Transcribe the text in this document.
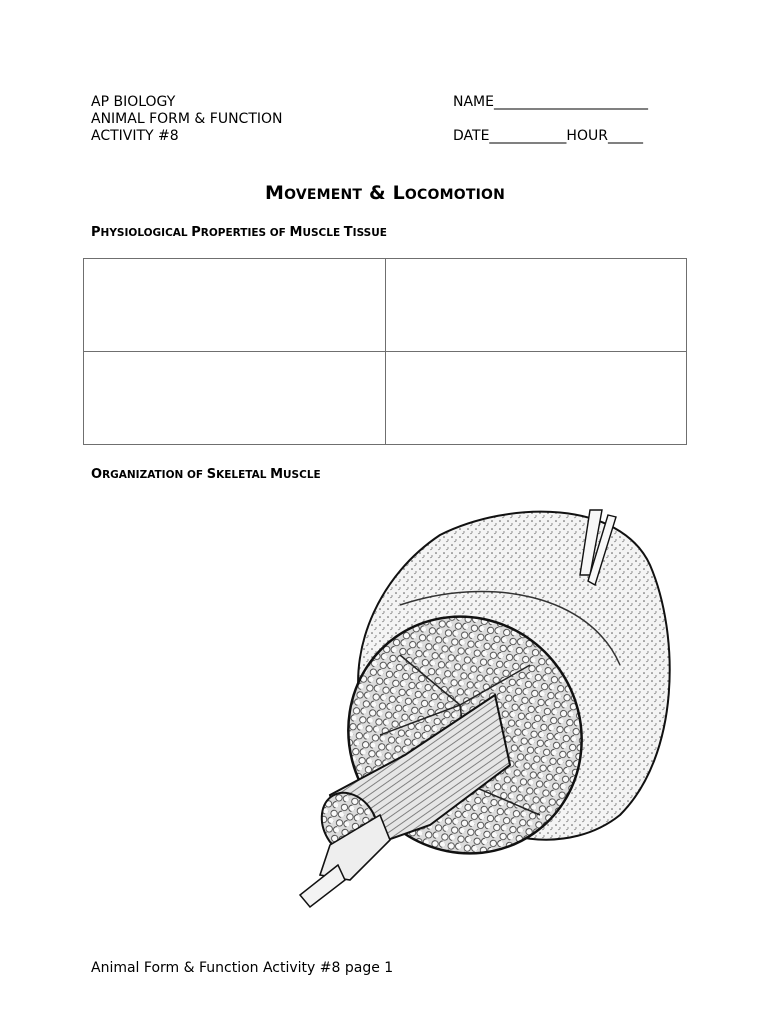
AP BIOLOGY
ANIMAL FORM & FUNCTION
ACTIVITY #8
NAME______________________
DATE___________HOUR_____
MOVEMENT & LOCOMOTION
PHYSIOLOGICAL PROPERTIES OF MUSCLE TISSUE

ORGANIZATION OF SKELETAL MUSCLE
Animal Form & Function Activity #8 page 1
